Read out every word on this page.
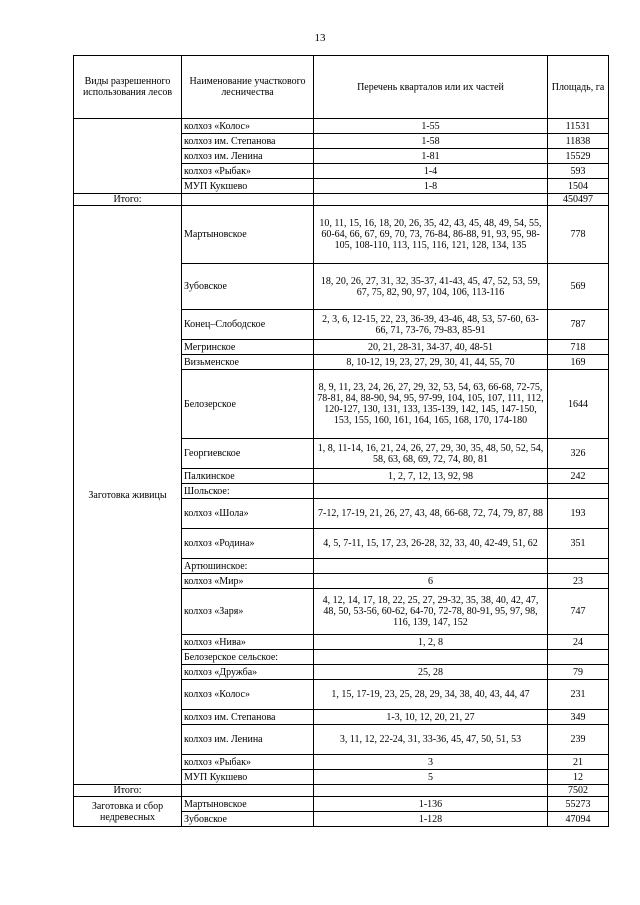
13
Виды разрешенного использования лесов	Наименование участкового лесничества	Перечень кварталов или их частей	Площадь, га
	колхоз «Колос»	1-55	11531
	колхоз им. Степанова	1-58	11838
	колхоз им. Ленина	1-81	15529
	колхоз «Рыбак»	1-4	593
	МУП Кукшево	1-8	1504
Итого:			450497
Заготовка живицы	Мартыновское	10, 11, 15, 16, 18, 20, 26, 35, 42, 43, 45, 48, 49, 54, 55, 60-64, 66, 67, 69, 70, 73, 76-84, 86-88, 91, 93, 95, 98-105, 108-110, 113, 115, 116, 121, 128, 134, 135	778
	Зубовское	18, 20, 26, 27, 31, 32, 35-37, 41-43, 45, 47, 52, 53, 59, 67, 75, 82, 90, 97, 104, 106, 113-116	569
	Конец–Слободское	2, 3, 6, 12-15, 22, 23, 36-39, 43-46, 48, 53, 57-60, 63-66, 71, 73-76, 79-83, 85-91	787
	Мегринское	20, 21, 28-31, 34-37, 40, 48-51	718
	Визьменское	8, 10-12, 19, 23, 27, 29, 30, 41, 44, 55, 70	169
	Белозерское	8, 9, 11, 23, 24, 26, 27, 29, 32, 53, 54, 63, 66-68, 72-75, 78-81, 84, 88-90, 94, 95, 97-99, 104, 105, 107, 111, 112, 120-127, 130, 131, 133, 135-139, 142, 145, 147-150, 153, 155, 160, 161, 164, 165, 168, 170, 174-180	1644
	Георгиевское	1, 8, 11-14, 16, 21, 24, 26, 27, 29, 30, 35, 48, 50, 52, 54, 58, 63, 68, 69, 72, 74, 80, 81	326
	Палкинское	1, 2, 7, 12, 13, 92, 98	242
	Шольское:		
	колхоз «Шола»	7-12, 17-19, 21, 26, 27, 43, 48, 66-68, 72, 74, 79, 87, 88	193
	колхоз «Родина»	4, 5, 7-11, 15, 17, 23, 26-28, 32, 33, 40, 42-49, 51, 62	351
	Артюшинское:		
	колхоз «Мир»	6	23
	колхоз «Заря»	4, 12, 14, 17, 18, 22, 25, 27, 29-32, 35, 38, 40, 42, 47, 48, 50, 53-56, 60-62, 64-70, 72-78, 80-91, 95, 97, 98, 116, 139, 147, 152	747
	колхоз «Нива»	1, 2, 8	24
	Белозерское сельское:		
	колхоз «Дружба»	25, 28	79
	колхоз «Колос»	1, 15, 17-19, 23, 25, 28, 29, 34, 38, 40, 43, 44, 47	231
	колхоз им. Степанова	1-3, 10, 12, 20, 21, 27	349
	колхоз им. Ленина	3, 11, 12, 22-24, 31, 33-36, 45, 47, 50, 51, 53	239
	колхоз «Рыбак»	3	21
	МУП Кукшево	5	12
Итого:			7502
Заготовка и сбор недревесных	Мартыновское	1-136	55273
	Зубовское	1-128	47094
